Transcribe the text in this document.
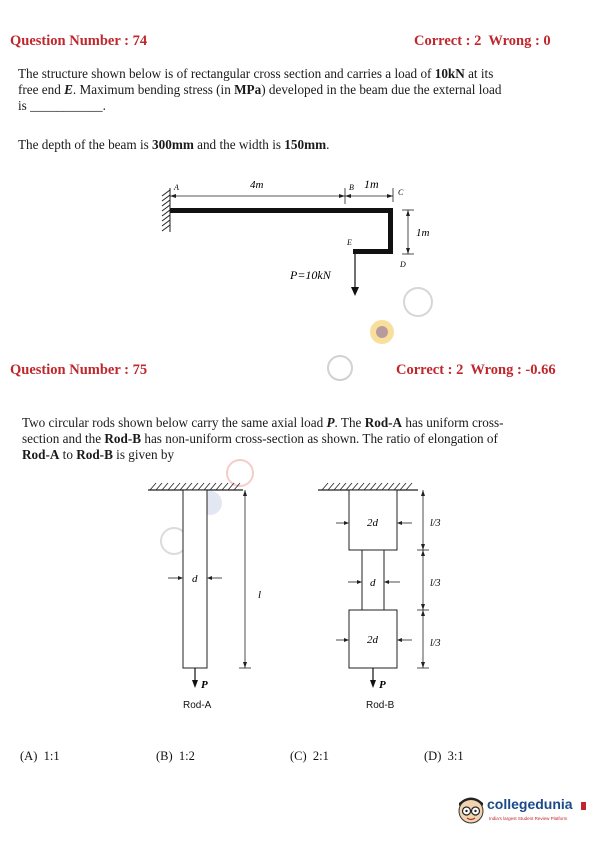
Question Number : 74	Correct : 2  Wrong : 0
The structure shown below is of rectangular cross section and carries a load of 10kN at its
free end E. Maximum bending stress (in MPa) developed in the beam due the external load
is ___________.
The depth of the beam is 300mm and the width is 150mm.
A	4m	B 1m
C
1m
E
D
P=10kN
Question Number : 75	Correct : 2  Wrong : -0.66
Two circular rods shown below carry the same axial load P. The Rod-A has uniform cross-
section and the Rod-B has non-uniform cross-section as shown. The ratio of elongation of
Rod-A to Rod-B is given by
d
l
P
Rod-A
2d
d
2d
l/3
l/3
l/3
P
Rod-B
(A) 1:1	(B) 1:2	(C) 2:1	(D) 3:1
collegedunia
India's largest Student Review Platform
